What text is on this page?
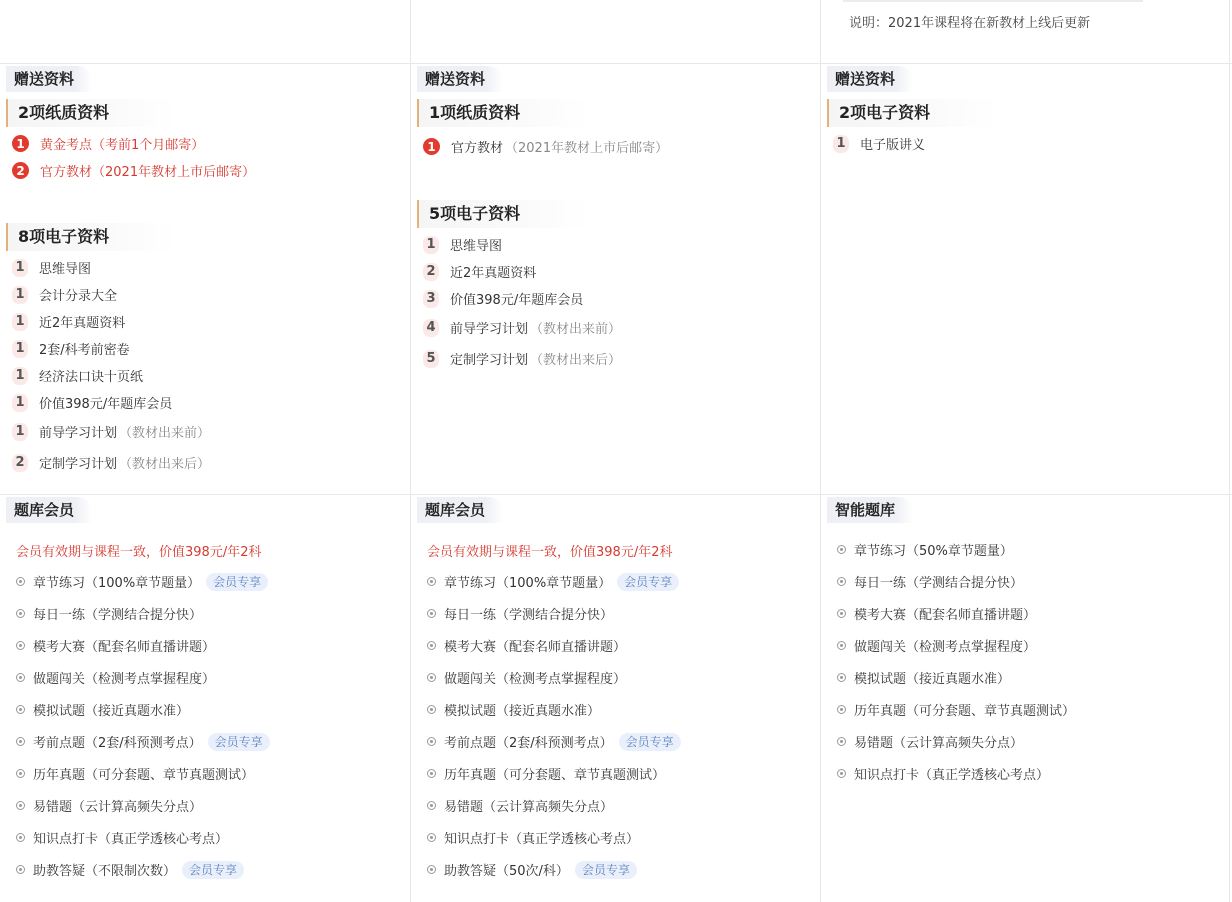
说明：2021年课程将在新教材上线后更新
赠送资料
2项纸质资料
1	黄金考点（考前1个月邮寄）
2	官方教材（2021年教材上市后邮寄）
8项电子资料
1 思维导图
1 会计分录大全
1 近2年真题资料
1 2套/科考前密卷
1 经济法口诀十页纸
1 价值398元/年题库会员
1 前导学习计划 （教材出来前）
2 定制学习计划 （教材出来后）
赠送资料
1项纸质资料
1	官方教材 （2021年教材上市后邮寄）
5项电子资料
1 思维导图
2 近2年真题资料
3 价值398元/年题库会员
4 前导学习计划 （教材出来前）
5 定制学习计划 （教材出来后）
赠送资料
2项电子资料
1 电子版讲义
题库会员
会员有效期与课程一致，价值398元/年2科
章节练习（100%章节题量）	会员专享
每日一练（学测结合提分快）
模考大赛（配套名师直播讲题）
做题闯关（检测考点掌握程度）
模拟试题（接近真题水准）
考前点题（2套/科预测考点）	会员专享
历年真题（可分套题、章节真题测试）
易错题（云计算高频失分点）
知识点打卡（真正学透核心考点）
助教答疑（不限制次数）	会员专享
题库会员
会员有效期与课程一致，价值398元/年2科
章节练习（100%章节题量）	会员专享
每日一练（学测结合提分快）
模考大赛（配套名师直播讲题）
做题闯关（检测考点掌握程度）
模拟试题（接近真题水准）
考前点题（2套/科预测考点）	会员专享
历年真题（可分套题、章节真题测试）
易错题（云计算高频失分点）
知识点打卡（真正学透核心考点）
助教答疑（50次/科）	会员专享
智能题库
章节练习（50%章节题量）
每日一练（学测结合提分快）
模考大赛（配套名师直播讲题）
做题闯关（检测考点掌握程度）
模拟试题（接近真题水准）
历年真题（可分套题、章节真题测试）
易错题（云计算高频失分点）
知识点打卡（真正学透核心考点）
